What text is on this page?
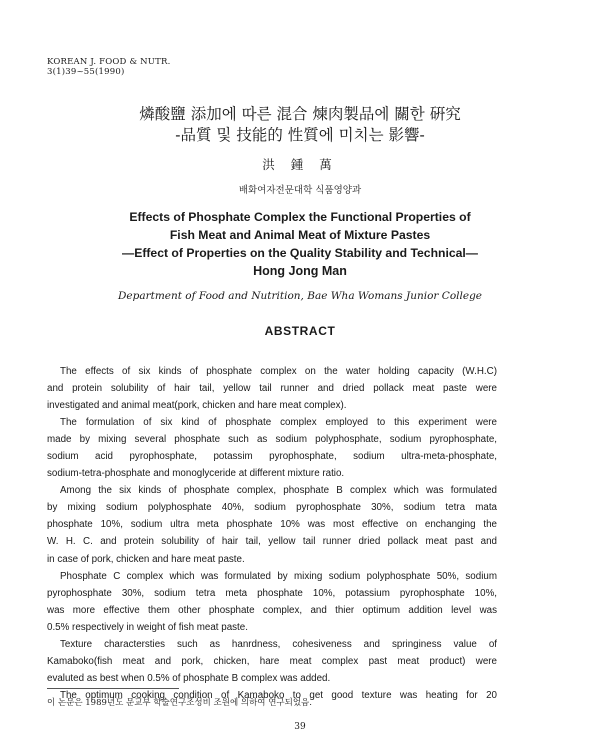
KOREAN J. FOOD & NUTR.
3(1)39~55(1990)
燐酸鹽 添加에 따른 混合 煉肉製品에 關한 硏究
-品質 및 技能的 性質에 미치는 影響-
洪 鍾 萬
배화여자전문대학 식품영양과
Effects of Phosphate Complex the Functional Properties of
Fish Meat and Animal Meat of Mixture Pastes
—Effect of Properties on the Quality Stability and Technical—
Hong Jong Man
Department of Food and Nutrition, Bae Wha Womans Junior College
ABSTRACT
The effects of six kinds of phosphate complex on the water holding capacity (W.H.C)
and protein solubility of hair tail, yellow tail runner and dried pollack meat paste were
investigated and animal meat(pork, chicken and hare meat complex).
The formulation of six kind of phosphate complex employed to this experiment were
made by mixing several phosphate such as sodium polyphosphate, sodium pyrophosphate,
sodium acid pyrophosphate, potassim pyrophosphate, sodium ultra-meta-phosphate,
sodium-tetra-phosphate and monoglyceride at different mixture ratio.
Among the six kinds of phosphate complex, phosphate B complex which was formulated
by mixing sodium polyphosphate 40%, sodium pyrophosphate 30%, sodium tetra mata
phosphate 10%, sodium ultra meta phosphate 10% was most effective on enchanging the
W. H. C. and protein solubility of hair tail, yellow tail runner dried pollack meat past and
in case of pork, chicken and hare meat paste.
Phosphate C complex which was formulated by mixing sodium polyphosphate 50%, sodium
pyrophosphate 30%, sodium tetra meta phosphate 10%, potassium pyrophosphate 10%,
was more effective them other phosphate complex, and thier optimum addition level was
0.5% respectively in weight of fish meat paste.
Texture charactersties such as hanrdness, cohesiveness and springiness value of
Kamaboko(fish meat and pork, chicken, hare meat complex past meat product) were
evaluted as best when 0.5% of phosphate B complex was added.
The optimum cooking condition of Kamaboko to get good texture was heating for 20
이 논문은 1989년도 문교부 학술연구조성비 조원에 의하여 연구되었음.
39
